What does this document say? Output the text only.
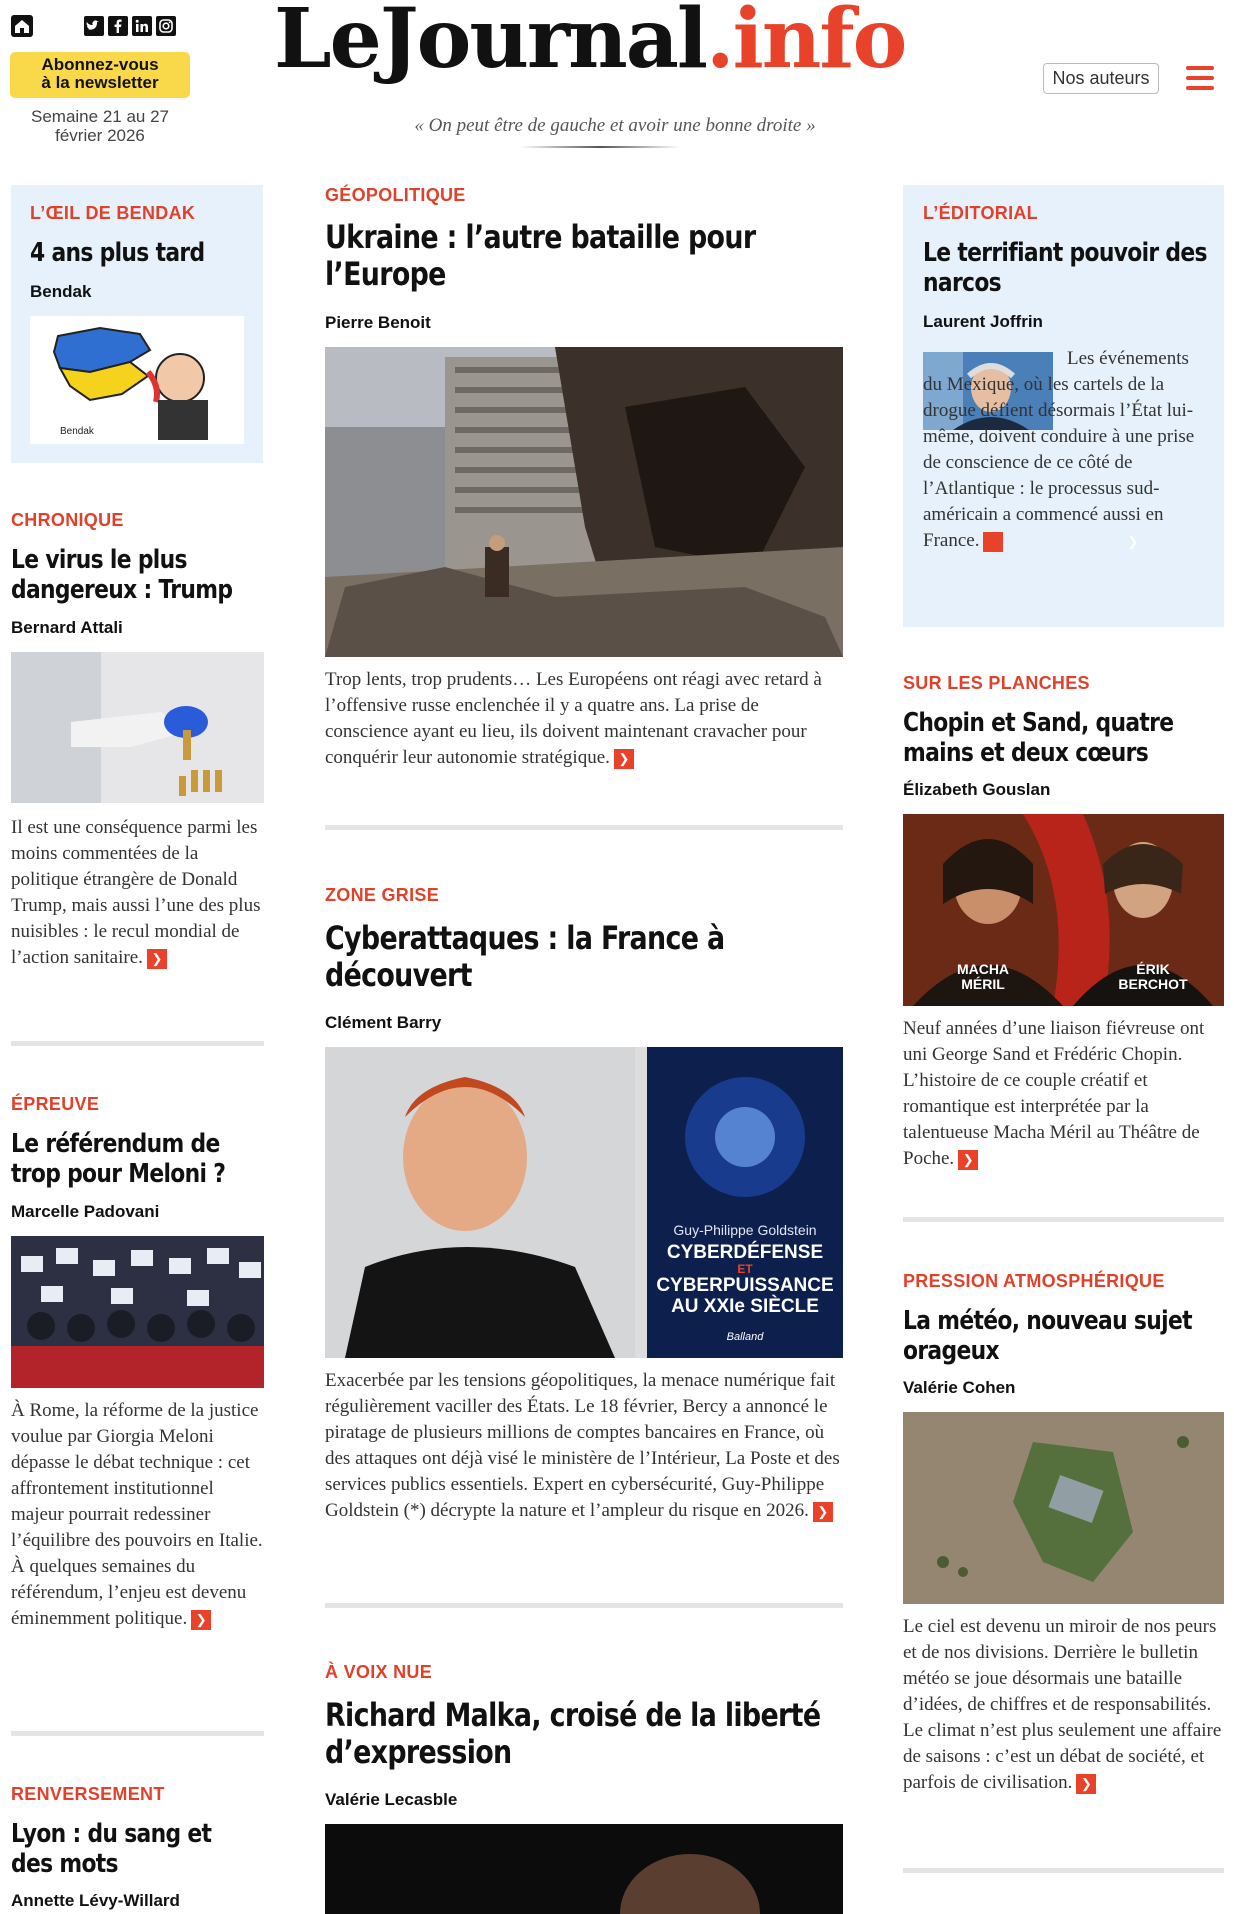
Abonnez-vous
à la newsletter
Semaine 21 au 27
février 2026
LeJournal.info
« On peut être de gauche et avoir une bonne droite »
Nos auteurs
L’ŒIL DE BENDAK
4 ans plus tard
Bendak
Bendak
CHRONIQUE
Le virus le plus dangereux : Trump
Bernard Attali
Il est une conséquence parmi les moins commentées de la politique étrangère de Donald Trump, mais aussi l’une des plus nuisibles : le recul mondial de l’action sanitaire. ❯
ÉPREUVE
Le référendum de trop pour Meloni ?
Marcelle Padovani
À Rome, la réforme de la justice voulue par Giorgia Meloni dépasse le débat technique : cet affrontement institutionnel majeur pourrait redessiner l’équilibre des pouvoirs en Italie. À quelques semaines du référendum, l’enjeu est devenu éminemment politique. ❯
RENVERSEMENT
Lyon : du sang et des mots
Annette Lévy-Willard
GÉOPOLITIQUE
Ukraine : l’autre bataille pour l’Europe
Pierre Benoit
Trop lents, trop prudents… Les Européens ont réagi avec retard à l’offensive russe enclenchée il y a quatre ans. La prise de conscience ayant eu lieu, ils doivent maintenant cravacher pour conquérir leur autonomie stratégique. ❯
ZONE GRISE
Cyberattaques : la France à découvert
Clément Barry
Guy-Philippe Goldstein
CYBERDÉFENSE
ET
CYBERPUISSANCE
AU XXIe SIÈCLE
Balland
Exacerbée par les tensions géopolitiques, la menace numérique fait régulièrement vaciller des États. Le 18 février, Bercy a annoncé le piratage de plusieurs millions de comptes bancaires en France, où des attaques ont déjà visé le ministère de l’Intérieur, La Poste et des services publics essentiels. Expert en cybersécurité, Guy-Philippe Goldstein (*) décrypte la nature et l’ampleur du risque en 2026. ❯
À VOIX NUE
Richard Malka, croisé de la liberté d’expression
Valérie Lecasble
L’ÉDITORIAL
Le terrifiant pouvoir des narcos
Laurent Joffrin
Les événements du Mexique, où les cartels de la drogue défient désormais l’État lui-même, doivent conduire à une prise de conscience de ce côté de l’Atlantique : le processus sud-américain a commencé aussi en France.	❯
SUR LES PLANCHES
Chopin et Sand, quatre mains et deux cœurs
Élizabeth Gouslan
MACHA
MÉRIL
ÉRIK
BERCHOT
Neuf années d’une liaison fiévreuse ont uni George Sand et Frédéric Chopin. L’histoire de ce couple créatif et romantique est interprétée par la talentueuse Macha Méril au Théâtre de Poche. ❯
PRESSION ATMOSPHÉRIQUE
La météo, nouveau sujet orageux
Valérie Cohen
Le ciel est devenu un miroir de nos peurs et de nos divisions. Derrière le bulletin météo se joue désormais une bataille d’idées, de chiffres et de responsabilités. Le climat n’est plus seulement une affaire de saisons : c’est un débat de société, et parfois de civilisation. ❯
